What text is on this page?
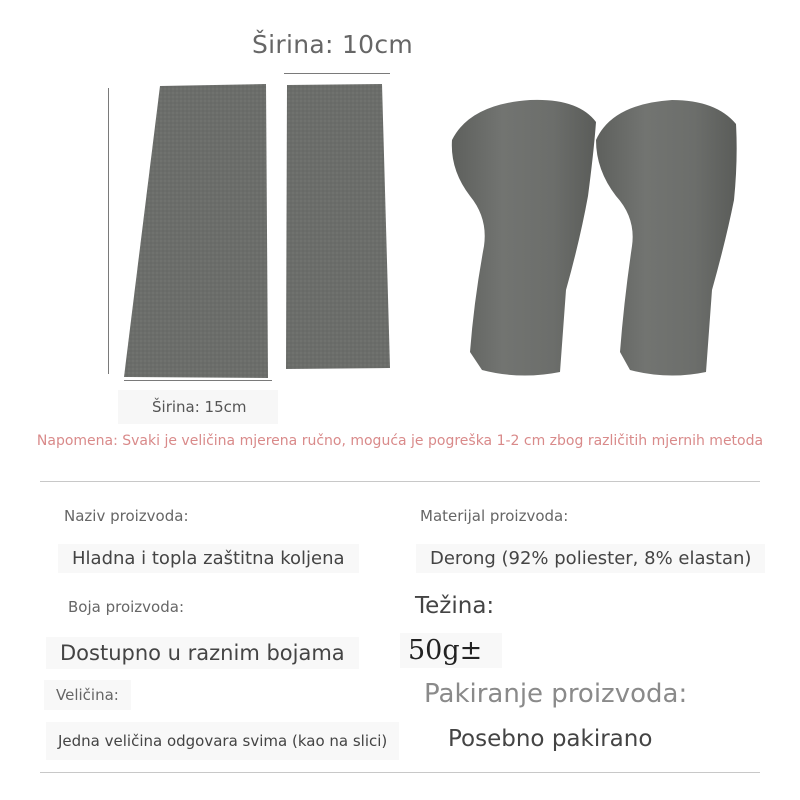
Širina: 10cm
Širina: 15cm
Napomena: Svaki je veličina mjerena ručno, moguća je pogreška 1-2 cm zbog različitih mjernih metoda
Naziv proizvoda:
Hladna i topla zaštitna koljena
Boja proizvoda:
Dostupno u raznim bojama
Veličina:
Jedna veličina odgovara svima (kao na slici)
Materijal proizvoda:
Derong (92% poliester, 8% elastan)
Težina:
50g±
Pakiranje proizvoda:
Posebno pakirano
